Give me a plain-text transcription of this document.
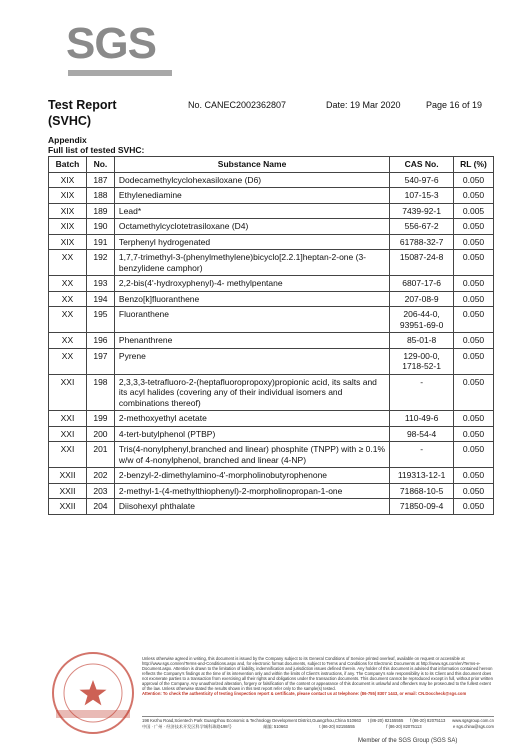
SGS
Test Report
(SVHC)
No. CANEC2002362807	Date: 19 Mar 2020	Page 16 of 19
Appendix
Full list of tested SVHC:
Batch	No.	Substance Name	CAS No.	RL (%)
XIX	187	Dodecamethylcyclohexasiloxane (D6)	540-97-6	0.050
XIX	188	Ethylenediamine	107-15-3	0.050
XIX	189	Lead*	7439-92-1	0.005
XIX	190	Octamethylcyclotetrasiloxane (D4)	556-67-2	0.050
XIX	191	Terphenyl hydrogenated	61788-32-7	0.050
XX	192	1,7,7-trimethyl-3-(phenylmethylene)bicyclo[2.2.1]heptan-2-one (3-benzylidene camphor)	15087-24-8	0.050
XX	193	2,2-bis(4'-hydroxyphenyl)-4- methylpentane	6807-17-6	0.050
XX	194	Benzo[k]fluoranthene	207-08-9	0.050
XX	195	Fluoranthene	206-44-0, 93951-69-0	0.050
XX	196	Phenanthrene	85-01-8	0.050
XX	197	Pyrene	129-00-0, 1718-52-1	0.050
XXI	198	2,3,3,3-tetrafluoro-2-(heptafluoropropoxy)propionic acid, its salts and its acyl halides (covering any of their individual isomers and combinations thereof)	-	0.050
XXI	199	2-methoxyethyl acetate	110-49-6	0.050
XXI	200	4-tert-butylphenol (PTBP)	98-54-4	0.050
XXI	201	Tris(4-nonylphenyl,branched and linear) phosphite (TNPP) with ≥ 0.1% w/w of 4-nonylphenol, branched and linear (4-NP)	-	0.050
XXII	202	2-benzyl-2-dimethylamino-4'-morpholinobutyrophenone	119313-12-1	0.050
XXII	203	2-methyl-1-(4-methylthiophenyl)-2-morpholinopropan-1-one	71868-10-5	0.050
XXII	204	Diisohexyl phthalate	71850-09-4	0.050

Unless otherwise agreed in writing, this document is issued by the Company subject to its General Conditions of Service printed overleaf, available on request or accessible at http://www.sgs.com/en/Terms-and-Conditions.aspx and, for electronic format documents, subject to Terms and Conditions for Electronic Documents at http://www.sgs.com/en/Terms-e-Document.aspx. Attention is drawn to the limitation of liability, indemnification and jurisdiction issues defined therein. Any holder of this document is advised that information contained hereon reflects the Company's findings at the time of its intervention only and within the limits of Client's instructions, if any. The Company's sole responsibility is to its Client and this document does not exonerate parties to a transaction from exercising all their rights and obligations under the transaction documents. This document cannot be reproduced except in full, without prior written approval of the Company. Any unauthorized alteration, forgery or falsification of the content or appearance of this document is unlawful and offenders may be prosecuted to the fullest extent of the law. Unless otherwise stated the results shown in this test report refer only to the sample(s) tested.

Attention: To check the authenticity of testing /inspection report & certificate, please contact us at telephone: (86-755) 8307 1443, or email: CN.Doccheck@sgs.com

198 Kezhu Road,Scientech Park Guangzhou Economic & Technology Development District,Guangzhou,China 510663 t (86-20) 82155555 f (86-20) 82075113 www.sgsgroup.com.cn
中国 · 广州 · 经济技术开发区科学城科珠路198号	邮编: 510663	t (86-20) 82155555	f (86-20) 82075113	e sgs.china@sgs.com
Member of the SGS Group (SGS SA)
